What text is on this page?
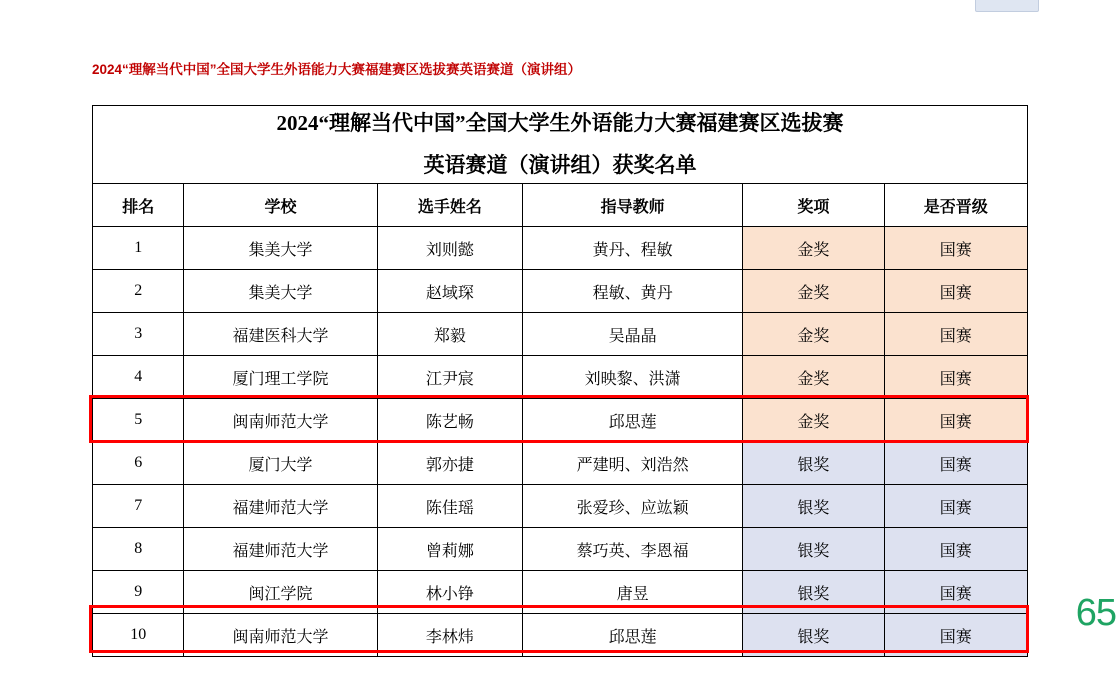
2024“理解当代中国”全国大学生外语能力大赛福建赛区选拔赛英语赛道（演讲组）
2024“理解当代中国”全国大学生外语能力大赛福建赛区选拔赛
英语赛道（演讲组）获奖名单					

排名	学校	选手姓名	指导教师	奖项	是否晋级
1	集美大学	刘则懿	黄丹、程敏	金奖	国赛
2	集美大学	赵域琛	程敏、黄丹	金奖	国赛
3	福建医科大学	郑毅	吴晶晶	金奖	国赛
4	厦门理工学院	江尹宸	刘映黎、洪潇	金奖	国赛
5	闽南师范大学	陈艺畅	邱思莲	金奖	国赛
6	厦门大学	郭亦捷	严建明、刘浩然	银奖	国赛
7	福建师范大学	陈佳瑶	张爱珍、应竑颖	银奖	国赛
8	福建师范大学	曾莉娜	蔡巧英、李恩福	银奖	国赛
9	闽江学院	林小铮	唐昱	银奖	国赛
10	闽南师范大学	李林炜	邱思莲	银奖	国赛
65
